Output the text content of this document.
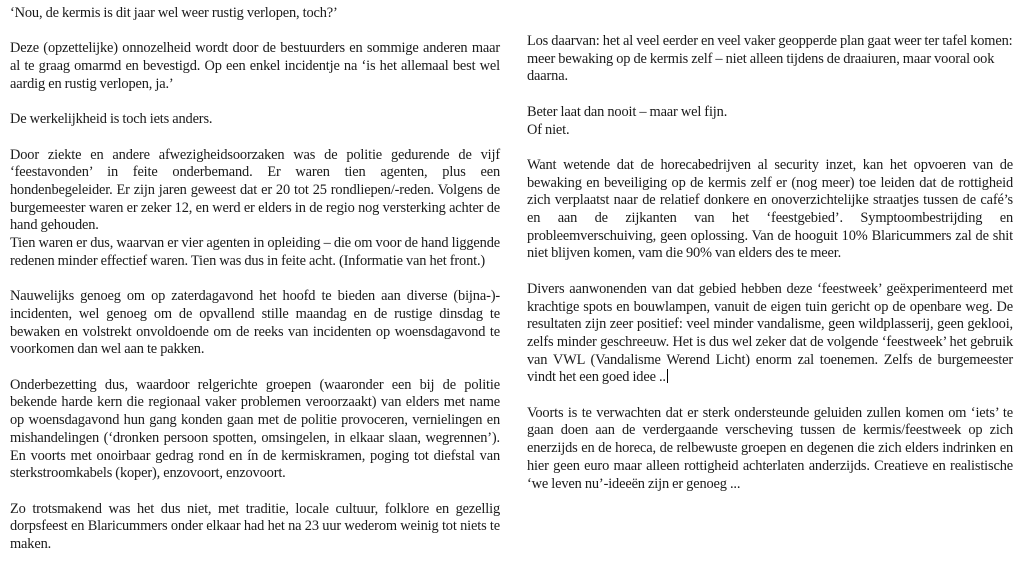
‘Nou, de kermis is dit jaar wel weer rustig verlopen, toch?’

Deze (opzettelijke) onnozelheid wordt door de bestuurders en sommige anderen maar al te graag omarmd en bevestigd. Op een enkel incidentje na ‘is het allemaal best wel aardig en rustig verlopen, ja.’

De werkelijkheid is toch iets anders.

Door ziekte en andere afwezigheidsoorzaken was de politie gedurende de vijf ‘feestavonden’ in feite onderbemand. Er waren tien agenten, plus een hondenbegeleider. Er zijn jaren geweest dat er 20 tot 25 rondliepen/-reden. Volgens de burgemeester waren er zeker 12, en werd er elders in de regio nog versterking achter de hand gehouden.

Tien waren er dus, waarvan er vier agenten in opleiding – die om voor de hand liggende redenen minder effectief waren. Tien was dus in feite acht. (Informatie van het front.)

Nauwelijks genoeg om op zaterdagavond het hoofd te bieden aan diverse (bijna-)-incidenten, wel genoeg om de opvallend stille maandag en de rustige dinsdag te bewaken en volstrekt onvoldoende om de reeks van incidenten op woensdagavond te voorkomen dan wel aan te pakken.

Onderbezetting dus, waardoor relgerichte groepen (waaronder een bij de politie bekende harde kern die regionaal vaker problemen veroorzaakt) van elders met name op woensdagavond hun gang konden gaan met de politie provoceren, vernielingen en mishandelingen (‘dronken persoon spotten, omsingelen, in elkaar slaan, wegrennen’). En voorts met onoirbaar gedrag rond en ín de kermiskramen, poging tot diefstal van sterkstroomkabels (koper), enzovoort, enzovoort.

Zo trotsmakend was het dus niet, met traditie, locale cultuur, folklore en gezellig dorpsfeest en Blaricummers onder elkaar had het na 23 uur wederom weinig tot niets te maken.

Los daarvan: het al veel eerder en veel vaker geopperde plan gaat weer ter tafel komen:

meer bewaking op de kermis zelf – niet alleen tijdens de draaiuren, maar vooral ook daarna.

Beter laat dan nooit – maar wel fijn.

Of niet.

Want wetende dat de horecabedrijven al security inzet, kan het opvoeren van de bewaking en beveiliging op de kermis zelf er (nog meer) toe leiden dat de rottigheid zich verplaatst naar de relatief donkere en onoverzichtelijke straatjes tussen de café’s en aan de zijkanten van het ‘feestgebied’. Symptoombestrijding en probleemverschuiving, geen oplossing. Van de hooguit 10% Blaricummers zal de shit niet blijven komen, vam die 90% van elders des te meer.

Divers aanwonenden van dat gebied hebben deze ‘feestweek’ geëxperimenteerd met krachtige spots en bouwlampen, vanuit de eigen tuin gericht op de openbare weg. De resultaten zijn zeer positief: veel minder vandalisme, geen wildplasserij, geen geklooi, zelfs minder geschreeuw. Het is dus wel zeker dat de volgende ‘feestweek’ het gebruik van VWL (Vandalisme Werend Licht) enorm zal toenemen. Zelfs de burgemeester vindt het een goed idee ..

Voorts is te verwachten dat er sterk ondersteunde geluiden zullen komen om ‘iets’ te gaan doen aan de verdergaande verscheving tussen de kermis/feestweek op zich enerzijds en de horeca, de relbewuste groepen en degenen die zich elders indrinken en hier geen euro maar alleen rottigheid achterlaten anderzijds. Creatieve en realistische ‘we leven nu’-ideeën zijn er genoeg ...
